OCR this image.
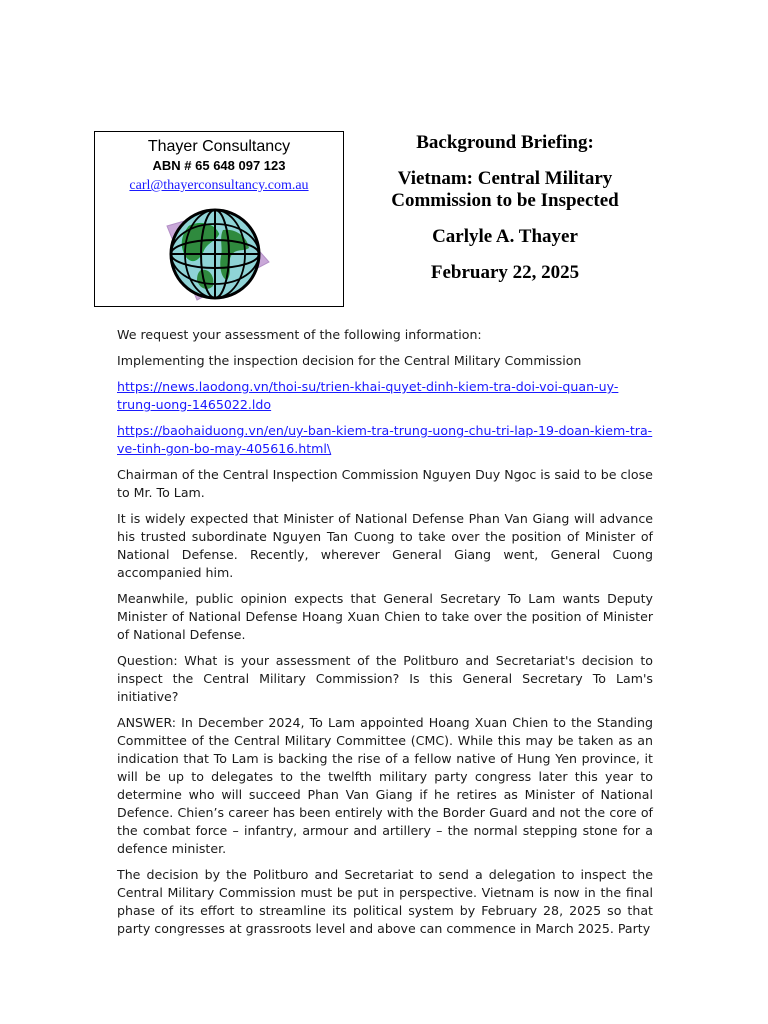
Thayer Consultancy
ABN # 65 648 097 123
carl@thayerconsultancy.com.au
Background Briefing:
Vietnam: Central Military
Commission to be Inspected
Carlyle A. Thayer
February 22, 2025

We request your assessment of the following information:

Implementing the inspection decision for the Central Military Commission

https://news.laodong.vn/thoi-su/trien-khai-quyet-dinh-kiem-tra-doi-voi-quan-uy-trung-uong-1465022.ldo

https://baohaiduong.vn/en/uy-ban-kiem-tra-trung-uong-chu-tri-lap-19-doan-kiem-tra-ve-tinh-gon-bo-may-405616.html\

Chairman of the Central Inspection Commission Nguyen Duy Ngoc is said to be close to Mr. To Lam.

It is widely expected that Minister of National Defense Phan Van Giang will advance his trusted subordinate Nguyen Tan Cuong to take over the position of Minister of National Defense. Recently, wherever General Giang went, General Cuong accompanied him.

Meanwhile, public opinion expects that General Secretary To Lam wants Deputy Minister of National Defense Hoang Xuan Chien to take over the position of Minister of National Defense.

Question: What is your assessment of the Politburo and Secretariat's decision to inspect the Central Military Commission? Is this General Secretary To Lam's initiative?

ANSWER: In December 2024, To Lam appointed Hoang Xuan Chien to the Standing Committee of the Central Military Committee (CMC). While this may be taken as an indication that To Lam is backing the rise of a fellow native of Hung Yen province, it will be up to delegates to the twelfth military party congress later this year to determine who will succeed Phan Van Giang if he retires as Minister of National Defence. Chien’s career has been entirely with the Border Guard and not the core of the combat force – infantry, armour and artillery – the normal stepping stone for a defence minister.

The decision by the Politburo and Secretariat to send a delegation to inspect the Central Military Commission must be put in perspective. Vietnam is now in the final phase of its effort to streamline its political system by February 28, 2025 so that party congresses at grassroots level and above can commence in March 2025. Party
